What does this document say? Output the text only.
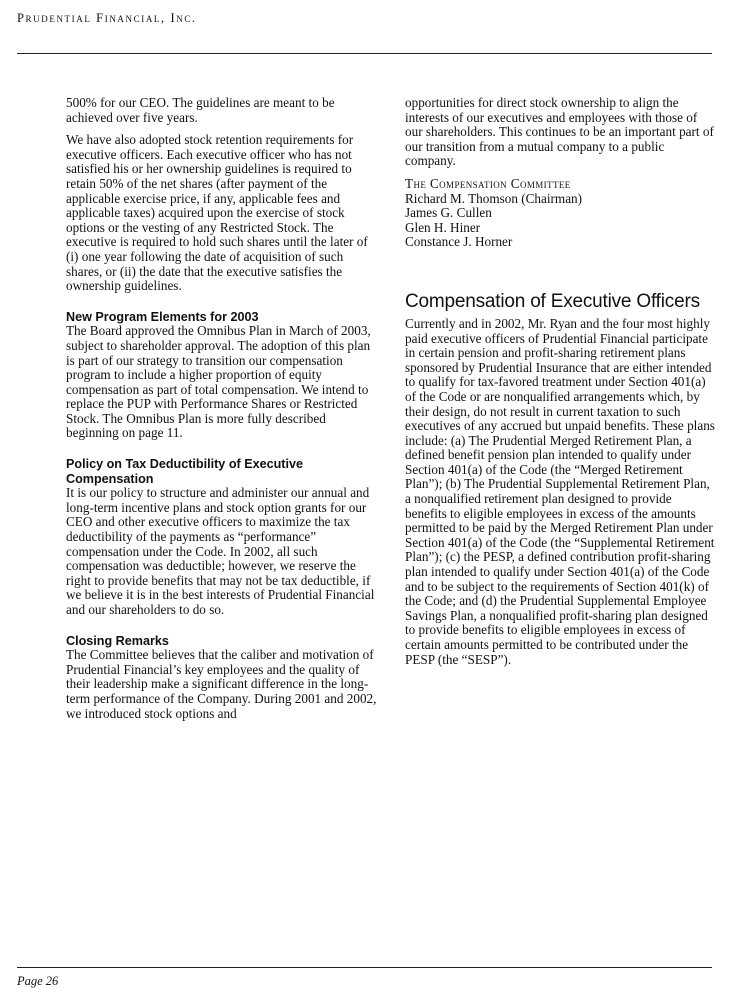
Prudential Financial, Inc.

500% for our CEO. The guidelines are meant to be achieved over five years.

We have also adopted stock retention requirements for executive officers. Each executive officer who has not satisfied his or her ownership guidelines is required to retain 50% of the net shares (after payment of the applicable exercise price, if any, applicable fees and applicable taxes) acquired upon the exercise of stock options or the vesting of any Restricted Stock. The executive is required to hold such shares until the later of (i) one year following the date of acquisition of such shares, or (ii) the date that the executive satisfies the ownership guidelines.

New Program Elements for 2003

The Board approved the Omnibus Plan in March of 2003, subject to shareholder approval. The adoption of this plan is part of our strategy to transition our compensation program to include a higher proportion of equity compensation as part of total compensation. We intend to replace the PUP with Performance Shares or Restricted Stock. The Omnibus Plan is more fully described beginning on page 11.

Policy on Tax Deductibility of Executive Compensation

It is our policy to structure and administer our annual and long-term incentive plans and stock option grants for our CEO and other executive officers to maximize the tax deductibility of the payments as “performance” compensation under the Code. In 2002, all such compensation was deductible; however, we reserve the right to provide benefits that may not be tax deductible, if we believe it is in the best interests of Prudential Financial and our shareholders to do so.

Closing Remarks

The Committee believes that the caliber and motivation of Prudential Financial’s key employees and the quality of their leadership make a significant difference in the long-term performance of the Company. During 2001 and 2002, we introduced stock options and

opportunities for direct stock ownership to align the interests of our executives and employees with those of our shareholders. This continues to be an important part of our transition from a mutual company to a public company.

The Compensation Committee
Richard M. Thomson (Chairman)
James G. Cullen
Glen H. Hiner
Constance J. Horner
Compensation of Executive Officers

Currently and in 2002, Mr. Ryan and the four most highly paid executive officers of Prudential Financial participate in certain pension and profit-sharing retirement plans sponsored by Prudential Insurance that are either intended to qualify for tax-favored treatment under Section 401(a) of the Code or are nonqualified arrangements which, by their design, do not result in current taxation to such executives of any accrued but unpaid benefits. These plans include: (a) The Prudential Merged Retirement Plan, a defined benefit pension plan intended to qualify under Section 401(a) of the Code (the “Merged Retirement Plan”); (b) The Prudential Supplemental Retirement Plan, a nonqualified retirement plan designed to provide benefits to eligible employees in excess of the amounts permitted to be paid by the Merged Retirement Plan under Section 401(a) of the Code (the “Supplemental Retirement Plan”); (c) the PESP, a defined contribution profit-sharing plan intended to qualify under Section 401(a) of the Code and to be subject to the requirements of Section 401(k) of the Code; and (d) the Prudential Supplemental Employee Savings Plan, a nonqualified profit-sharing plan designed to provide benefits to eligible employees in excess of certain amounts permitted to be contributed under the PESP (the “SESP”).

Page 26
